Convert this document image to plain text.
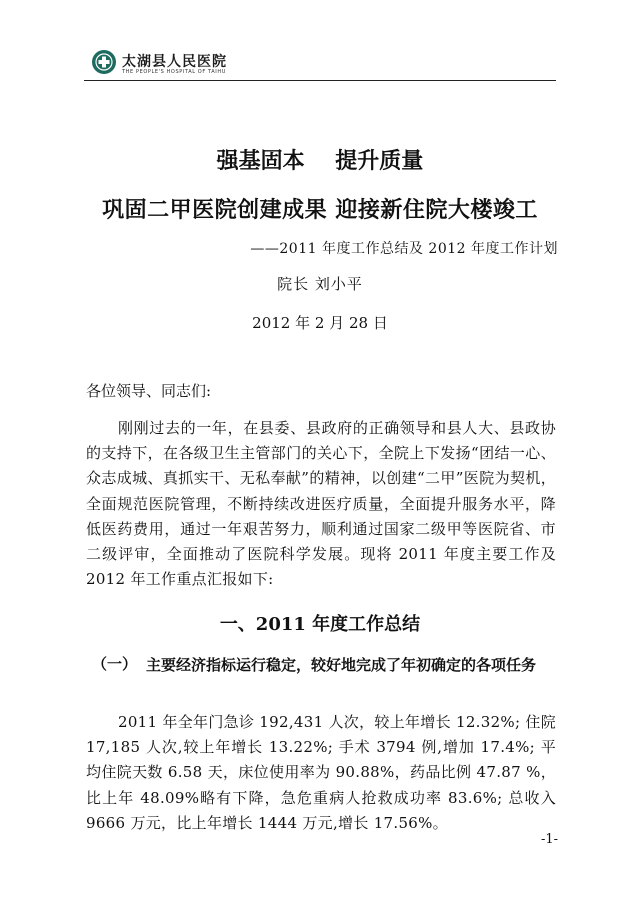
太湖县人民医院
THE PEOPLE'S HOSPITAL OF TAIHU
强基固本    提升质量
巩固二甲医院创建成果 迎接新住院大楼竣工
——2011 年度工作总结及 2012 年度工作计划
院长 刘小平
2012 年 2 月 28 日
各位领导、同志们:
刚刚过去的一年，在县委、县政府的正确领导和县人大、县政协的支持下，在各级卫生主管部门的关心下，全院上下发扬“团结一心、众志成城、真抓实干、无私奉献”的精神，以创建“二甲”医院为契机，全面规范医院管理，不断持续改进医疗质量，全面提升服务水平，降低医药费用，通过一年艰苦努力，顺利通过国家二级甲等医院省、市二级评审，全面推动了医院科学发展。现将 2011 年度主要工作及 2012 年工作重点汇报如下:
一、2011 年度工作总结
（一） 主要经济指标运行稳定，较好地完成了年初确定的各项任务
2011 年全年门急诊 192,431 人次，较上年增长 12.32%; 住院 17,185 人次,较上年增长 13.22%; 手术 3794 例,增加 17.4%; 平均住院天数 6.58 天，床位使用率为 90.88%，药品比例 47.87 %，比上年 48.09%略有下降，急危重病人抢救成功率 83.6%; 总收入 9666 万元，比上年增长 1444 万元,增长 17.56%。
-1-
